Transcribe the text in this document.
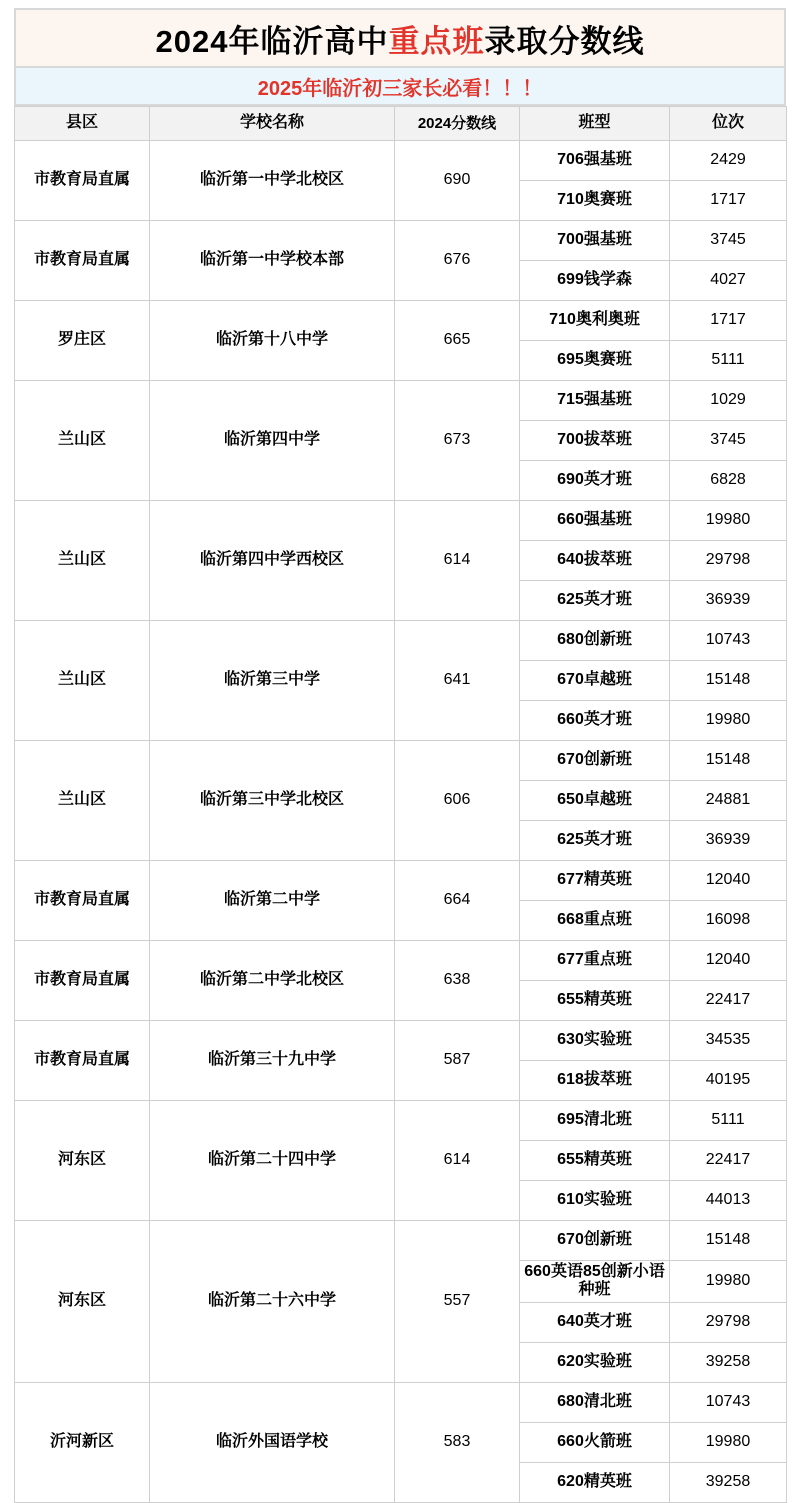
2024年临沂高中重点班录取分数线
2025年临沂初三家长必看！！！
县区	学校名称	2024分数线	班型	位次
市教育局直属	临沂第一中学北校区	690	706强基班	2429
			710奥赛班	1717
市教育局直属	临沂第一中学校本部	676	700强基班	3745
			699钱学森	4027
罗庄区	临沂第十八中学	665	710奥利奥班	1717
			695奥赛班	5111
兰山区	临沂第四中学	673	715强基班	1029
			700拔萃班	3745
			690英才班	6828
兰山区	临沂第四中学西校区	614	660强基班	19980
			640拔萃班	29798
			625英才班	36939
兰山区	临沂第三中学	641	680创新班	10743
			670卓越班	15148
			660英才班	19980
兰山区	临沂第三中学北校区	606	670创新班	15148
			650卓越班	24881
			625英才班	36939
市教育局直属	临沂第二中学	664	677精英班	12040
			668重点班	16098
市教育局直属	临沂第二中学北校区	638	677重点班	12040
			655精英班	22417
市教育局直属	临沂第三十九中学	587	630实验班	34535
			618拔萃班	40195
河东区	临沂第二十四中学	614	695清北班	5111
			655精英班	22417
			610实验班	44013
河东区	临沂第二十六中学	557	670创新班	15148
			660英语85创新小语种班	19980
			640英才班	29798
			620实验班	39258
沂河新区	临沂外国语学校	583	680清北班	10743
			660火箭班	19980
			620精英班	39258
